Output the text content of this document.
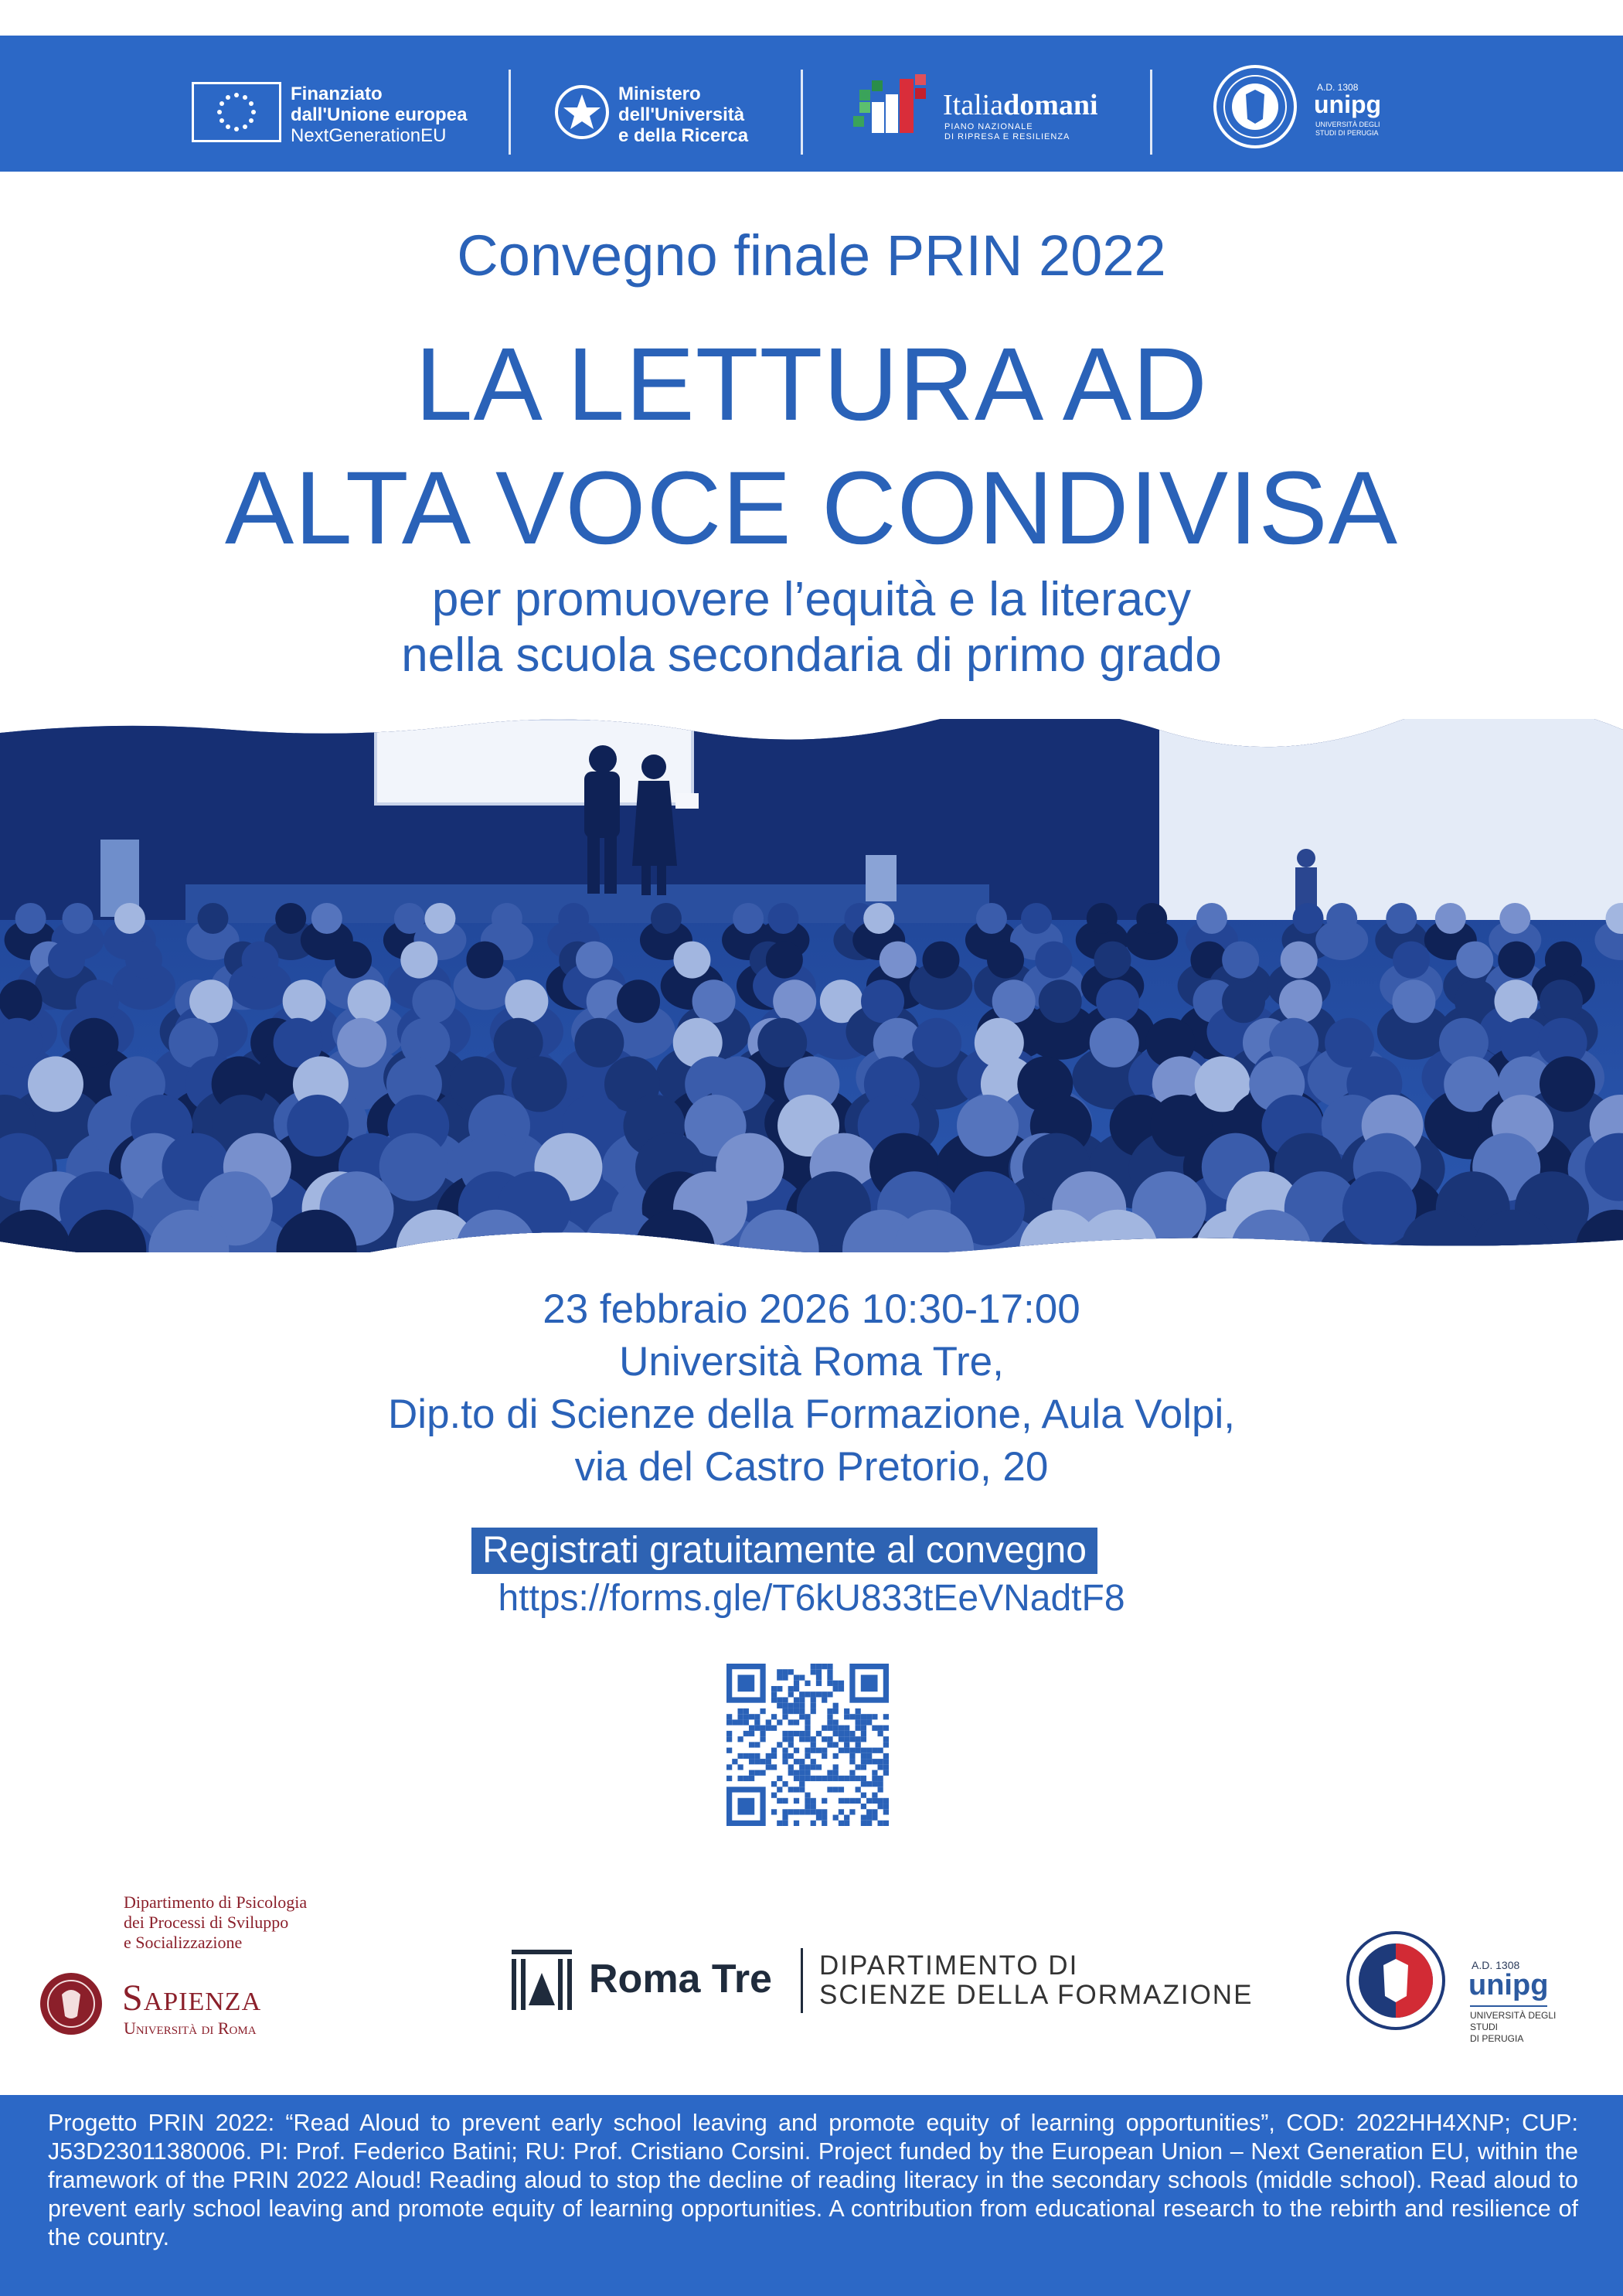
Finanziato
dall'Unione europea
NextGenerationEU
Ministero
dell'Università
e della Ricerca
Italiadomani
PIANO NAZIONALE
DI RIPRESA E RESILIENZA
A.D. 1308
unipg
UNIVERSITÀ DEGLI STUDI DI PERUGIA
Convegno finale PRIN 2022
LA LETTURA AD
ALTA VOCE CONDIVISA
per promuovere l’equità e la literacy
nella scuola secondaria di primo grado
23 febbraio 2026 10:30-17:00
Università Roma Tre,
Dip.to di Scienze della Formazione, Aula Volpi,
via del Castro Pretorio, 20
Registrati gratuitamente al convegno
https://forms.gle/T6kU833tEeVNadtF8
Dipartimento di Psicologia
dei Processi di Sviluppo
e Socializzazione
Sapienza
Università di Roma
Roma Tre DIPARTIMENTO DI
SCIENZE DELLA FORMAZIONE
A.D. 1308
unipg
UNIVERSITÀ DEGLI STUDI
DI PERUGIA
Progetto PRIN 2022: “Read Aloud to prevent early school leaving and promote equity of learning opportunities”, COD: 2022HH4XNP; CUP: J53D23011380006. PI: Prof. Federico Batini; RU: Prof. Cristiano Corsini. Project funded by the European Union – Next Generation EU, within the framework of the PRIN 2022 Aloud! Reading aloud to stop the decline of reading literacy in the secondary schools (middle school). Read aloud to prevent early school leaving and promote equity of learning opportunities. A contribution from educational research to the rebirth and resilience of the country.
